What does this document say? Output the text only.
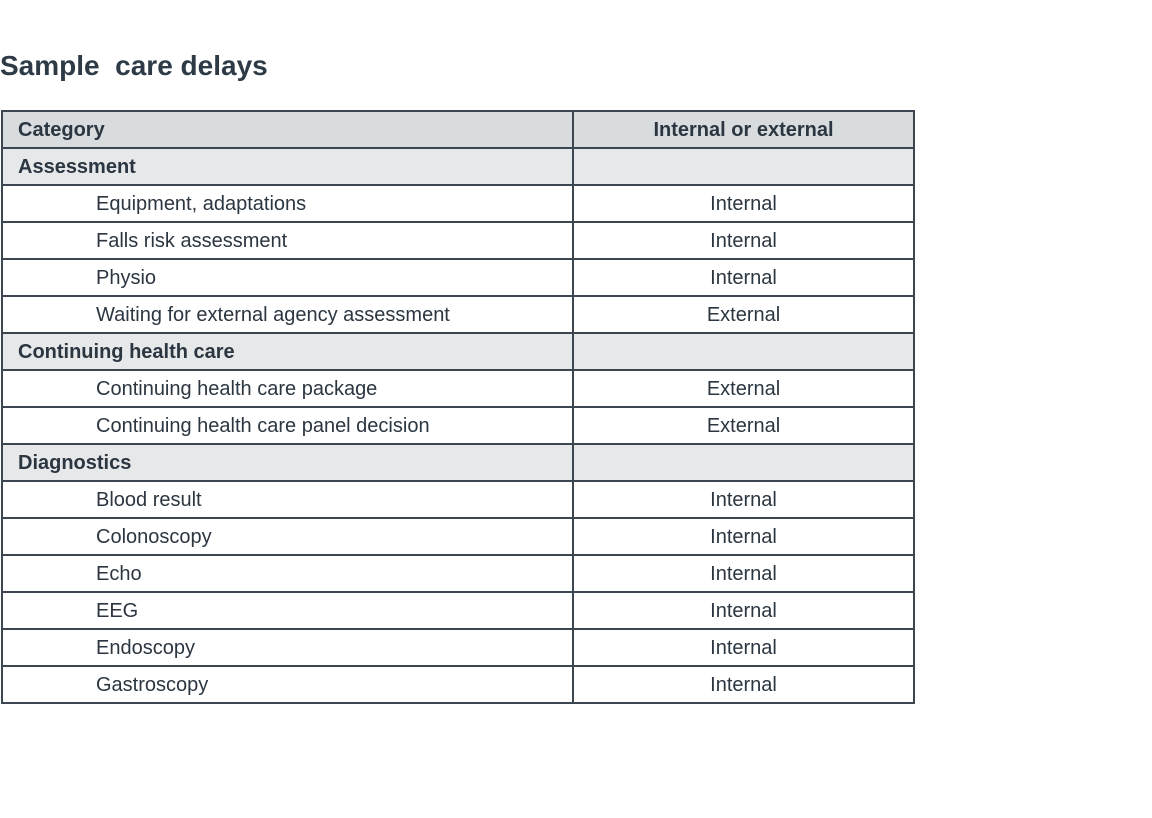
Sample  care delays
Category	Internal or external
Assessment	
Equipment, adaptations	Internal
Falls risk assessment	Internal
Physio	Internal
Waiting for external agency assessment	External
Continuing health care	
Continuing health care package	External
Continuing health care panel decision	External
Diagnostics	
Blood result	Internal
Colonoscopy	Internal
Echo	Internal
EEG	Internal
Endoscopy	Internal
Gastroscopy	Internal
